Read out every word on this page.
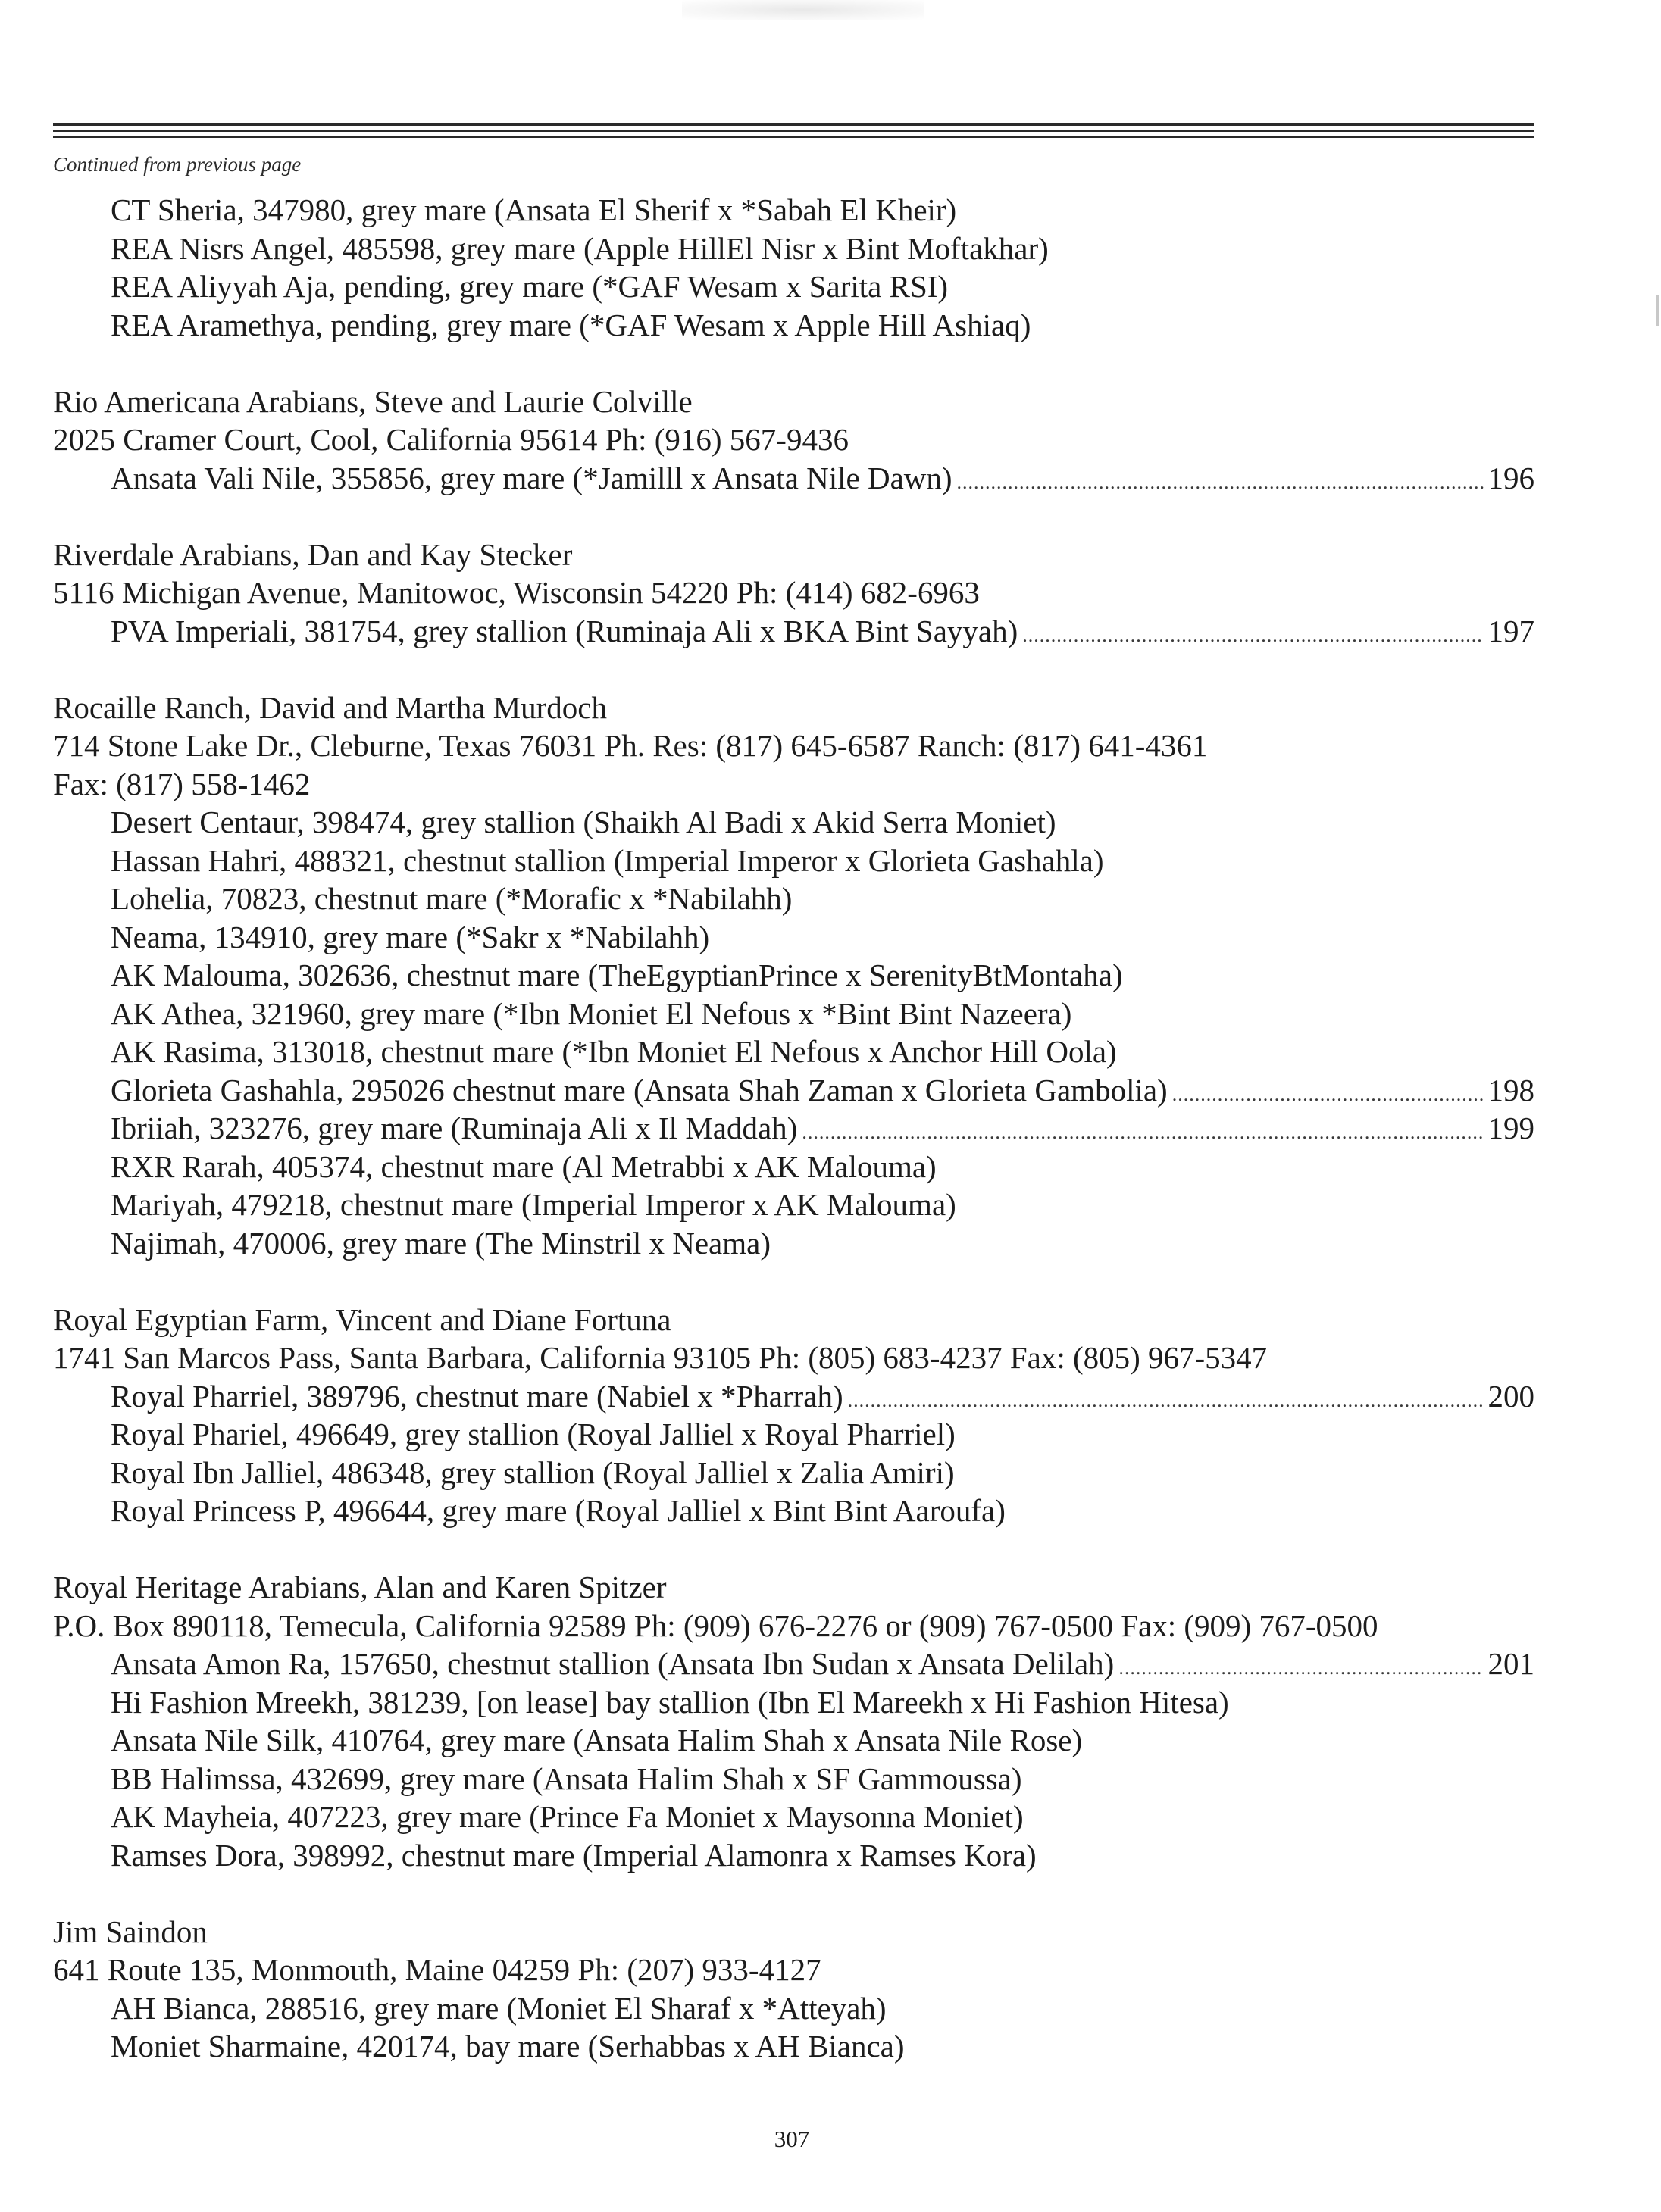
Continued from previous page
CT Sheria, 347980, grey mare (Ansata El Sherif x *Sabah El Kheir)
REA Nisrs Angel, 485598, grey mare (Apple HillEl Nisr x Bint Moftakhar)
REA Aliyyah Aja, pending, grey mare (*GAF Wesam x Sarita RSI)
REA Aramethya, pending, grey mare (*GAF Wesam x Apple Hill Ashiaq)
Rio Americana Arabians, Steve and Laurie Colville
2025 Cramer Court, Cool, California 95614 Ph: (916) 567-9436
Ansata Vali Nile, 355856, grey mare (*Jamilll x Ansata Nile Dawn) .....	196
Riverdale Arabians, Dan and Kay Stecker
5116 Michigan Avenue, Manitowoc, Wisconsin 54220 Ph: (414) 682-6963
PVA Imperiali, 381754, grey stallion (Ruminaja Ali x BKA Bint Sayyah) .....	197
Rocaille Ranch, David and Martha Murdoch
714 Stone Lake Dr., Cleburne, Texas 76031 Ph. Res: (817) 645-6587 Ranch: (817) 641-4361
Fax: (817) 558-1462
Desert Centaur, 398474, grey stallion (Shaikh Al Badi x Akid Serra Moniet)
Hassan Hahri, 488321, chestnut stallion (Imperial Imperor x Glorieta Gashahla)
Lohelia, 70823, chestnut mare (*Morafic x *Nabilahh)
Neama, 134910, grey mare (*Sakr x *Nabilahh)
AK Malouma, 302636, chestnut mare (TheEgyptianPrince x SerenityBtMontaha)
AK Athea, 321960, grey mare (*Ibn Moniet El Nefous x *Bint Bint Nazeera)
AK Rasima, 313018, chestnut mare (*Ibn Moniet El Nefous x Anchor Hill Oola)
Glorieta Gashahla, 295026 chestnut mare (Ansata Shah Zaman x Glorieta Gambolia) .....	198
Ibriiah, 323276, grey mare (Ruminaja Ali x Il Maddah) .....	199
RXR Rarah, 405374, chestnut mare (Al Metrabbi x AK Malouma)
Mariyah, 479218, chestnut mare (Imperial Imperor x AK Malouma)
Najimah, 470006, grey mare (The Minstril x Neama)
Royal Egyptian Farm, Vincent and Diane Fortuna
1741 San Marcos Pass, Santa Barbara, California 93105 Ph: (805) 683-4237 Fax: (805) 967-5347
Royal Pharriel, 389796, chestnut mare (Nabiel x *Pharrah) .....	200
Royal Phariel, 496649, grey stallion (Royal Jalliel x Royal Pharriel)
Royal Ibn Jalliel, 486348, grey stallion (Royal Jalliel x Zalia Amiri)
Royal Princess P, 496644, grey mare (Royal Jalliel x Bint Bint Aaroufa)
Royal Heritage Arabians, Alan and Karen Spitzer
P.O. Box 890118, Temecula, California 92589 Ph: (909) 676-2276 or (909) 767-0500 Fax: (909) 767-0500
Ansata Amon Ra, 157650, chestnut stallion (Ansata Ibn Sudan x Ansata Delilah) .....	201
Hi Fashion Mreekh, 381239, [on lease] bay stallion (Ibn El Mareekh x Hi Fashion Hitesa)
Ansata Nile Silk, 410764, grey mare (Ansata Halim Shah x Ansata Nile Rose)
BB Halimssa, 432699, grey mare (Ansata Halim Shah x SF Gammoussa)
AK Mayheia, 407223, grey mare (Prince Fa Moniet x Maysonna Moniet)
Ramses Dora, 398992, chestnut mare (Imperial Alamonra x Ramses Kora)
Jim Saindon
641 Route 135, Monmouth, Maine 04259 Ph: (207) 933-4127
AH Bianca, 288516, grey mare (Moniet El Sharaf x *Atteyah)
Moniet Sharmaine, 420174, bay mare (Serhabbas x AH Bianca)
307
